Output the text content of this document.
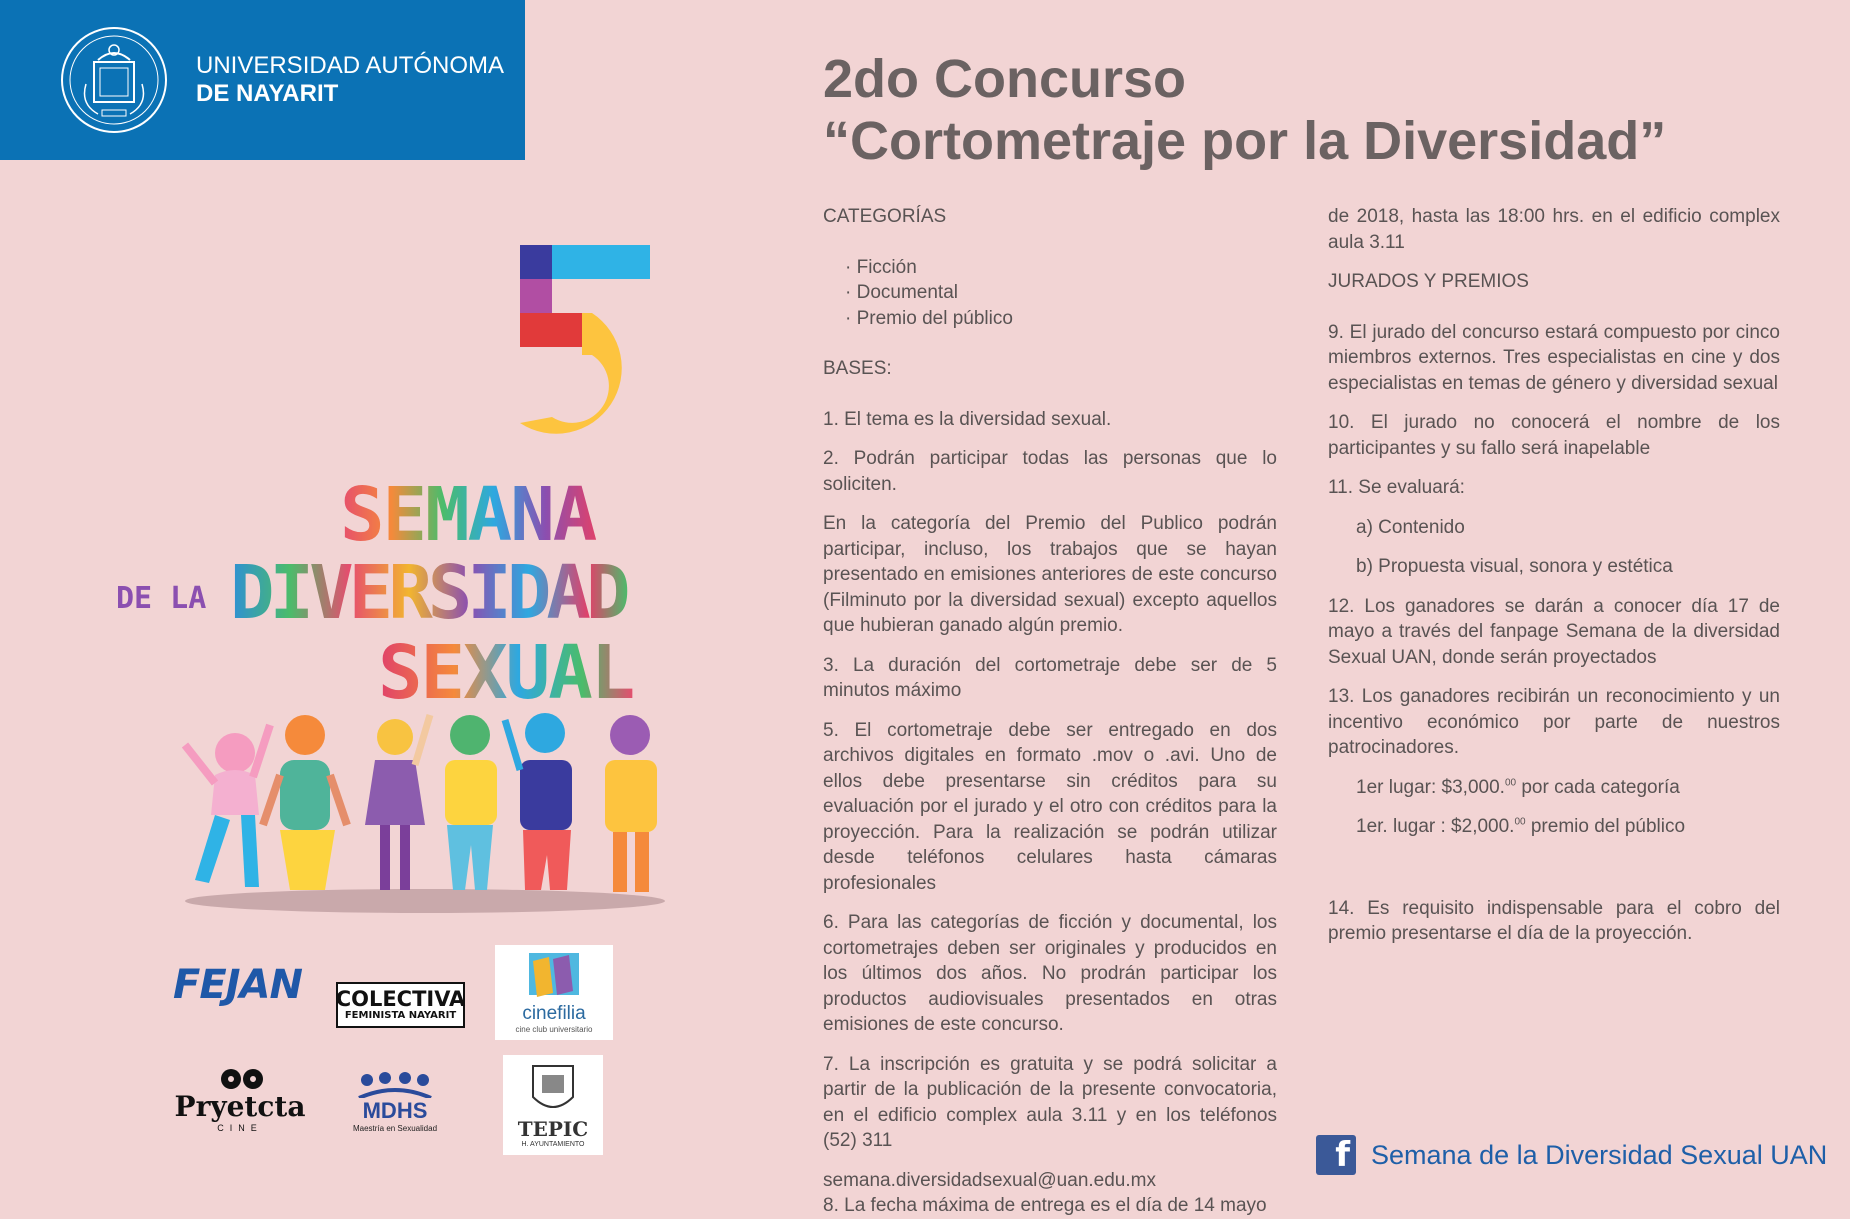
UNIVERSIDAD AUTÓNOMA
DE NAYARIT
SEMANA
DE LA DIVERSIDAD
SEXUAL
FEJAN COLECTIVA
FEMINISTA NAYARIT	cinefilia
cine club universitario
Pryetcta
CINE
MDHS
Maestría en Sexualidad	TEPIC
H. AYUNTAMIENTO
2do Concurso
“Cortometraje por la Diversidad”

CATEGORÍAS

· Ficción

· Documental

· Premio del público

BASES:

1. El tema es la diversidad sexual.

2. Podrán participar todas las personas que lo soliciten.

En la categoría del Premio del Publico podrán participar, incluso, los trabajos que se hayan presentado en emisiones anteriores de este concurso (Filminuto por la diversidad sexual) excepto aquellos que hubieran ganado algún premio.

3. La duración del cortometraje debe ser de 5 minutos máximo

5. El cortometraje debe ser entregado en dos archivos digitales en formato .mov o .avi. Uno de ellos debe presentarse sin créditos para su evaluación por el jurado y el otro con créditos para la proyección. Para la realización se podrán utilizar desde teléfonos celulares hasta cámaras profesionales

6. Para las categorías de ficción y documental, los cortometrajes deben ser originales y producidos en los últimos dos años. No prodrán participar los productos audiovisuales presentados en otras emisiones de este concurso.

7. La inscripción es gratuita y se podrá solicitar a partir de la publicación de la presente convocatoria, en el edificio complex aula 3.11 y en los teléfonos (52) 311

semana.diversidadsexual@uan.edu.mx

8. La fecha máxima de entrega es el día de 14 mayo

de 2018, hasta las 18:00 hrs. en el edificio complex aula 3.11

JURADOS Y PREMIOS

9. El jurado del concurso estará compuesto por cinco miembros externos. Tres especialistas en cine y dos especialistas en temas de género y diversidad sexual

10. El jurado no conocerá el nombre de los participantes y su fallo será inapelable

11. Se evaluará:

a) Contenido

b) Propuesta visual, sonora y estética

12. Los ganadores se darán a conocer día 17 de mayo a través del fanpage Semana de la diversidad Sexual UAN, donde serán proyectados

13. Los ganadores recibirán un reconocimiento y un incentivo económico por parte de nuestros patrocinadores.

1er lugar: $3,000.00 por cada categoría

1er. lugar : $2,000.00 premio del público

14. Es requisito indispensable para el cobro del premio presentarse el día de la proyección.

f Semana de la Diversidad Sexual UAN
